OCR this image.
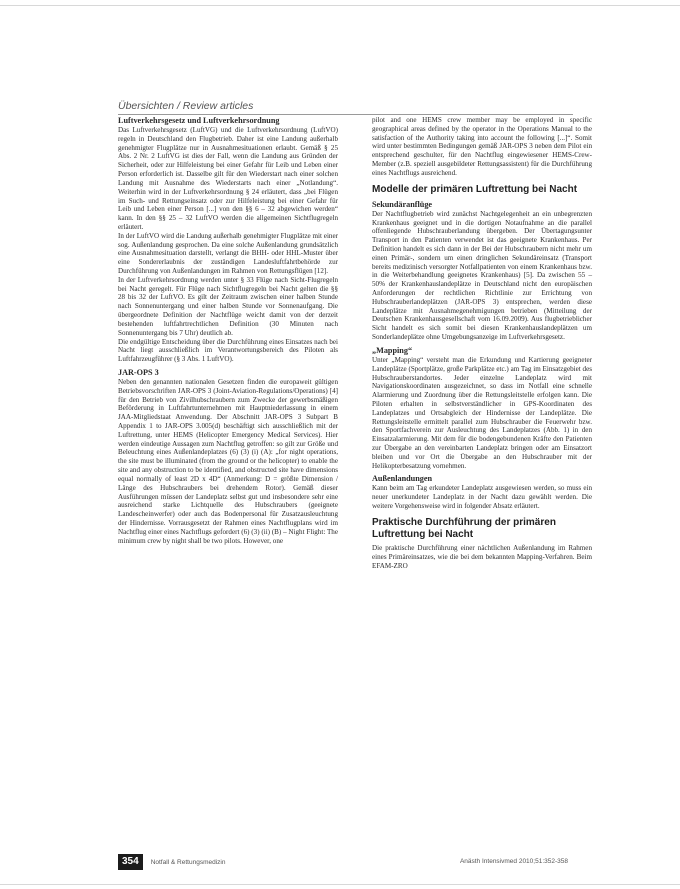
Übersichten / Review articles
Luftverkehrsgesetz und Luftverkehrsordnung

Das Luftverkehrsgesetz (LuftVG) und die Luftverkehrsordnung (LuftVO) regeln in Deutschland den Flugbetrieb. Daher ist eine Landung außerhalb genehmigter Flugplätze nur in Ausnahmesituationen erlaubt. Gemäß § 25 Abs. 2 Nr. 2 LuftVG ist dies der Fall, wenn die Landung aus Gründen der Sicherheit, oder zur Hilfeleistung bei einer Gefahr für Leib und Leben einer Person erforderlich ist. Dasselbe gilt für den Wiederstart nach einer solchen Landung mit Ausnahme des Wiederstarts nach einer „Notlandung“. Weiterhin wird in der Luftverkehrsordnung § 24 erläutert, dass „bei Flügen im Such- und Rettungseinsatz oder zur Hilfeleistung bei einer Gefahr für Leib und Leben einer Person [...] von den §§ 6 – 32 abgewichen werden“ kann. In den §§ 25 – 32 LuftVO werden die allgemeinen Sichtflugregeln erläutert.

In der LuftVO wird die Landung außerhalb genehmigter Flugplätze mit einer sog. Außenlandung gesprochen. Da eine solche Außenlandung grundsätzlich eine Ausnahmesituation darstellt, verlangt die BHH- oder HHL-Muster über eine Sondererlaubnis der zuständigen Landesluftfahrtbehörde zur Durchführung von Außenlandungen im Rahmen von Rettungsflügen [12].

In der Luftverkehrsordnung werden unter § 33 Flüge nach Sicht-Flugregeln bei Nacht geregelt. Für Flüge nach Sichtflugregeln bei Nacht gelten die §§ 28 bis 32 der LuftVO. Es gilt der Zeitraum zwischen einer halben Stunde nach Sonnenuntergang und einer halben Stunde vor Sonnenaufgang. Die übergeordnete Definition der Nachtflüge weicht damit von der derzeit bestehenden luftfahrtrechtlichen Definition (30 Minuten nach Sonnenuntergang bis 7 Uhr) deutlich ab.

Die endgültige Entscheidung über die Durchführung eines Einsatzes nach bei Nacht liegt ausschließlich im Verantwortungsbereich des Piloten als Luftfahrzeugführer (§ 3 Abs. 1 LuftVO).

JAR-OPS 3

Neben den genannten nationalen Gesetzen finden die europaweit gültigen Betriebsvorschriften JAR-OPS 3 (Joint-Aviation-Regulations/Operations) [4] für den Betrieb von Zivilhubschraubern zum Zwecke der gewerbsmäßigen Beförderung in Luftfahrtunternehmen mit Hauptniederlassung in einem JAA-Mitgliedstaat Anwendung. Der Abschnitt JAR-OPS 3 Subpart B Appendix 1 to JAR-OPS 3.005(d) beschäftigt sich ausschließlich mit der Luftrettung, unter HEMS (Helicopter Emergency Medical Services). Hier werden eindeutige Aussagen zum Nachtflug getroffen: so gilt zur Größe und Beleuchtung eines Außenlandeplatzes (6) (3) (i) (A): „for night operations, the site must be illuminated (from the ground or the helicopter) to enable the site and any obstruction to be identified, and obstructed site have dimensions equal normally of least 2D x 4D“ (Anmerkung: D = größte Dimension / Länge des Hubschraubers bei drehendem Rotor). Gemäß dieser Ausführungen müssen der Landeplatz selbst gut und insbesondere sehr eine ausreichend starke Lichtquelle des Hubschraubers (geeignete Landescheinwerfer) oder auch das Bodenpersonal für Zusatzausleuchtung der Hindernisse. Vorrausgesetzt der Rahmen eines Nachtflugplans wird im Nachtflug einer eines Nachtflugs gefordert (6) (3) (ii) (B) – Night Flight: The minimum crew by night shall be two pilots. However, one

pilot and one HEMS crew member may be employed in specific geographical areas defined by the operator in the Operations Manual to the satisfaction of the Authority taking into account the following [...]“. Somit wird unter bestimmten Bedingungen gemäß JAR-OPS 3 neben dem Pilot ein entsprechend geschulter, für den Nachtflug eingewiesener HEMS-Crew-Member (z.B. speziell ausgebildeter Rettungsassistent) für die Durchführung eines Nachtflugs ausreichend.

Modelle der primären Luftrettung bei Nacht
Sekundäranflüge

Der Nachtflugbetrieb wird zunächst Nachtgelegenheit an ein unbegrenzten Krankenhaus geeignet und in die dortigen Notaufnahme an die parallel offenliegende Hubschrauberlandung übergeben. Der Übertagungsunter Transport in den Patienten verwendet ist das geeignete Krankenhaus. Per Definition handelt es sich dann in der Bei der Hubschraubern nicht mehr um einen Primär-, sondern um einen dringlichen Sekundäreinsatz (Transport bereits medizinisch versorgter Notfallpatienten von einem Krankenhaus bzw. in die Weiterbehandlung geeignetes Krankenhaus) [5]. Da zwischen 55 – 50% der Krankenhauslandeplätze in Deutschland nicht den europäischen Anforderungen der rechtlichen Richtlinie zur Errichtung von Hubschrauberlandeplätzen (JAR-OPS 3) entsprechen, werden diese Landeplätze mit Ausnahmegenehmigungen betrieben (Mitteilung der Deutschen Krankenhausgesellschaft vom 16.09.2009). Aus flugbetrieblicher Sicht handelt es sich somit bei diesen Krankenhauslandeplätzen um Sonderlandeplätze ohne Umgebungsanzeige im Luftverkehrsgesetz.

„Mapping“

Unter „Mapping“ versteht man die Erkundung und Kartierung geeigneter Landeplätze (Sportplätze, große Parkplätze etc.) am Tag im Einsatzgebiet des Hubschrauberstandortes. Jeder einzelne Landeplatz wird mit Navigationskoordinaten ausgezeichnet, so dass im Notfall eine schnelle Alarmierung und Zuordnung über die Rettungsleitstelle erfolgen kann. Die Piloten erhalten in selbstverständlicher in GPS-Koordinaten des Landeplatzes und Ortsabgleich der Hindernisse der Landeplätze. Die Rettungsleitstelle ermittelt parallel zum Hubschrauber die Feuerwehr bzw. den Sportfachverein zur Ausleuchtung des Landeplatzes (Abb. 1) in den Einsatzalarmierung. Mit dem für die bodengebundenen Kräfte den Patienten zur Übergabe an den vereinbarten Landeplatz bringen oder am Einsatzort bleiben und vor Ort die Übergabe an den Hubschrauber mit der Helikopterbesatzung vornehmen.

Außenlandungen

Kann beim am Tag erkundeter Landeplatz ausgewiesen werden, so muss ein neuer unerkundeter Landeplatz in der Nacht dazu gewählt werden. Die weitere Vorgehensweise wird in folgender Absatz erläutert.

Praktische Durchführung der primären Luftrettung bei Nacht

Die praktische Durchführung einer nächtlichen Außenlandung im Rahmen eines Primäreinsatzes, wie die bei dem bekannten Mapping-Verfahren. Beim EFAM-ZRO

354	Notfall & Rettungsmedizin	Anästh Intensivmed 2010;51:352-358
